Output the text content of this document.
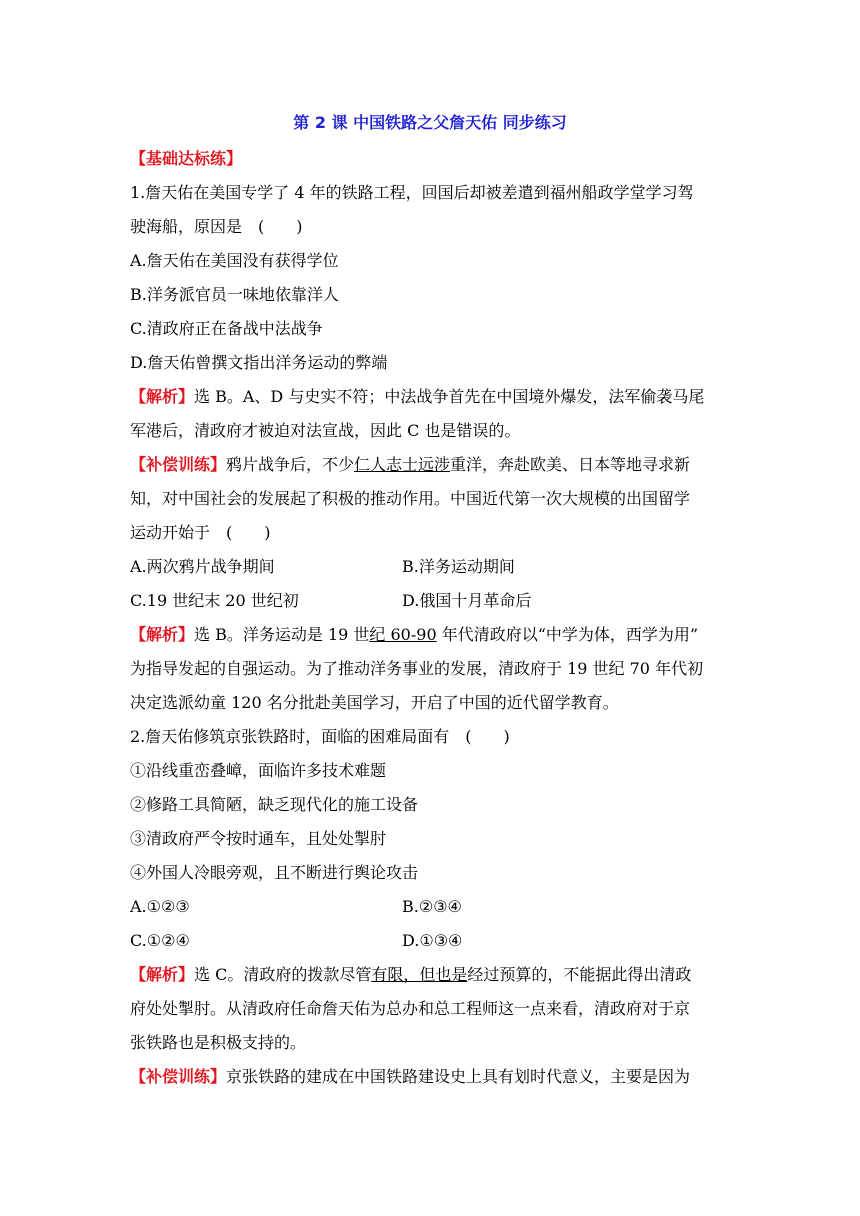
第 2 课 中国铁路之父詹天佑 同步练习
【基础达标练】
1.詹天佑在美国专学了 4 年的铁路工程，回国后却被差遣到福州船政学堂学习驾
驶海船，原因是　(　　)
A.詹天佑在美国没有获得学位
B.洋务派官员一味地依靠洋人
C.清政府正在备战中法战争
D.詹天佑曾撰文指出洋务运动的弊端
【解析】选 B。A、D 与史实不符；中法战争首先在中国境外爆发，法军偷袭马尾
军港后，清政府才被迫对法宣战，因此 C 也是错误的。
【补偿训练】鸦片战争后，不少仁人志士远涉重洋，奔赴欧美、日本等地寻求新
知，对中国社会的发展起了积极的推动作用。中国近代第一次大规模的出国留学
运动开始于　(　　)
A.两次鸦片战争期间	B.洋务运动期间
C.19 世纪末 20 世纪初	D.俄国十月革命后
【解析】选 B。洋务运动是 19 世纪 60-90 年代清政府以“中学为体，西学为用”
为指导发起的自强运动。为了推动洋务事业的发展，清政府于 19 世纪 70 年代初
决定选派幼童 120 名分批赴美国学习，开启了中国的近代留学教育。
2.詹天佑修筑京张铁路时，面临的困难局面有　(　　)
①沿线重峦叠嶂，面临许多技术难题
②修路工具简陋，缺乏现代化的施工设备
③清政府严令按时通车，且处处掣肘
④外国人冷眼旁观，且不断进行舆论攻击
A.①②③	B.②③④
C.①②④	D.①③④
【解析】选 C。清政府的拨款尽管有限，但也是经过预算的，不能据此得出清政
府处处掣肘。从清政府任命詹天佑为总办和总工程师这一点来看，清政府对于京
张铁路也是积极支持的。
【补偿训练】京张铁路的建成在中国铁路建设史上具有划时代意义，主要是因为
